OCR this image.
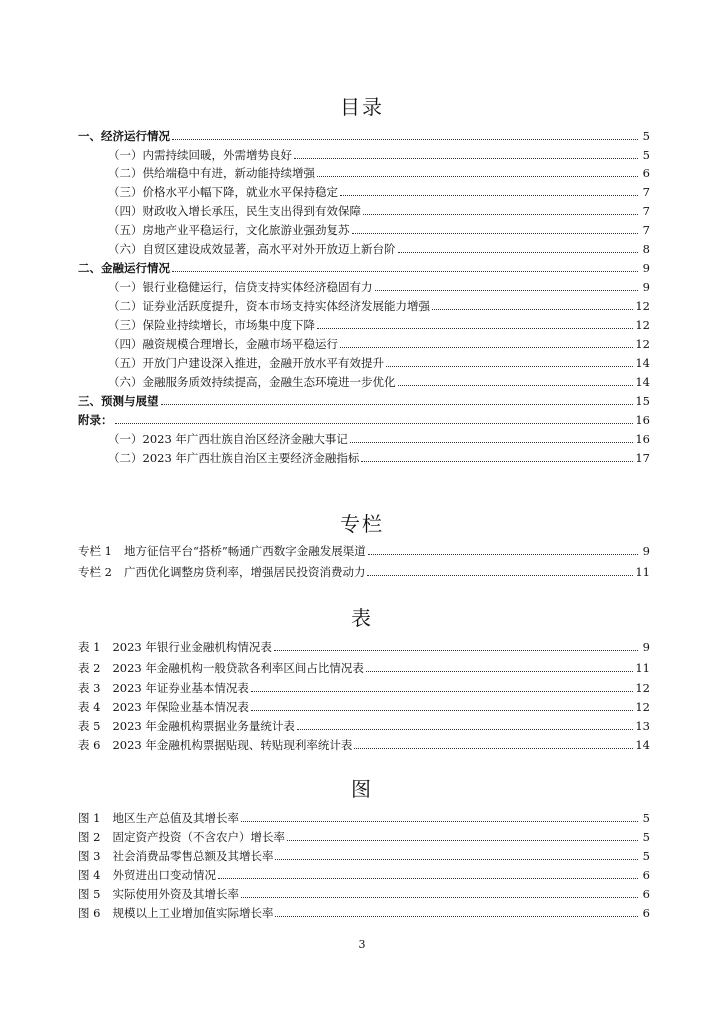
目录
一、经济运行情况	5
（一）内需持续回暖，外需增势良好	5
（二）供给端稳中有进，新动能持续增强	6
（三）价格水平小幅下降，就业水平保持稳定	7
（四）财政收入增长承压，民生支出得到有效保障	7
（五）房地产业平稳运行，文化旅游业强劲复苏	7
（六）自贸区建设成效显著，高水平对外开放迈上新台阶	8
二、金融运行情况	9
（一）银行业稳健运行，信贷支持实体经济稳固有力	9
（二）证券业活跃度提升，资本市场支持实体经济发展能力增强	12
（三）保险业持续增长，市场集中度下降	12
（四）融资规模合理增长，金融市场平稳运行	12
（五）开放门户建设深入推进，金融开放水平有效提升	14
（六）金融服务质效持续提高，金融生态环境进一步优化	14
三、预测与展望	15
附录：	16
（一）2023 年广西壮族自治区经济金融大事记	16
（二）2023 年广西壮族自治区主要经济金融指标	17
专栏
专栏 1 地方征信平台“搭桥”畅通广西数字金融发展渠道	9
专栏 2 广西优化调整房贷利率，增强居民投资消费动力	11
表
表 1 2023 年银行业金融机构情况表	9
表 2 2023 年金融机构一般贷款各利率区间占比情况表	11
表 3 2023 年证券业基本情况表	12
表 4 2023 年保险业基本情况表	12
表 5 2023 年金融机构票据业务量统计表	13
表 6 2023 年金融机构票据贴现、转贴现利率统计表	14
图
图 1 地区生产总值及其增长率	5
图 2 固定资产投资（不含农户）增长率	5
图 3 社会消费品零售总额及其增长率	5
图 4 外贸进出口变动情况	6
图 5 实际使用外资及其增长率	6
图 6 规模以上工业增加值实际增长率	6
3
